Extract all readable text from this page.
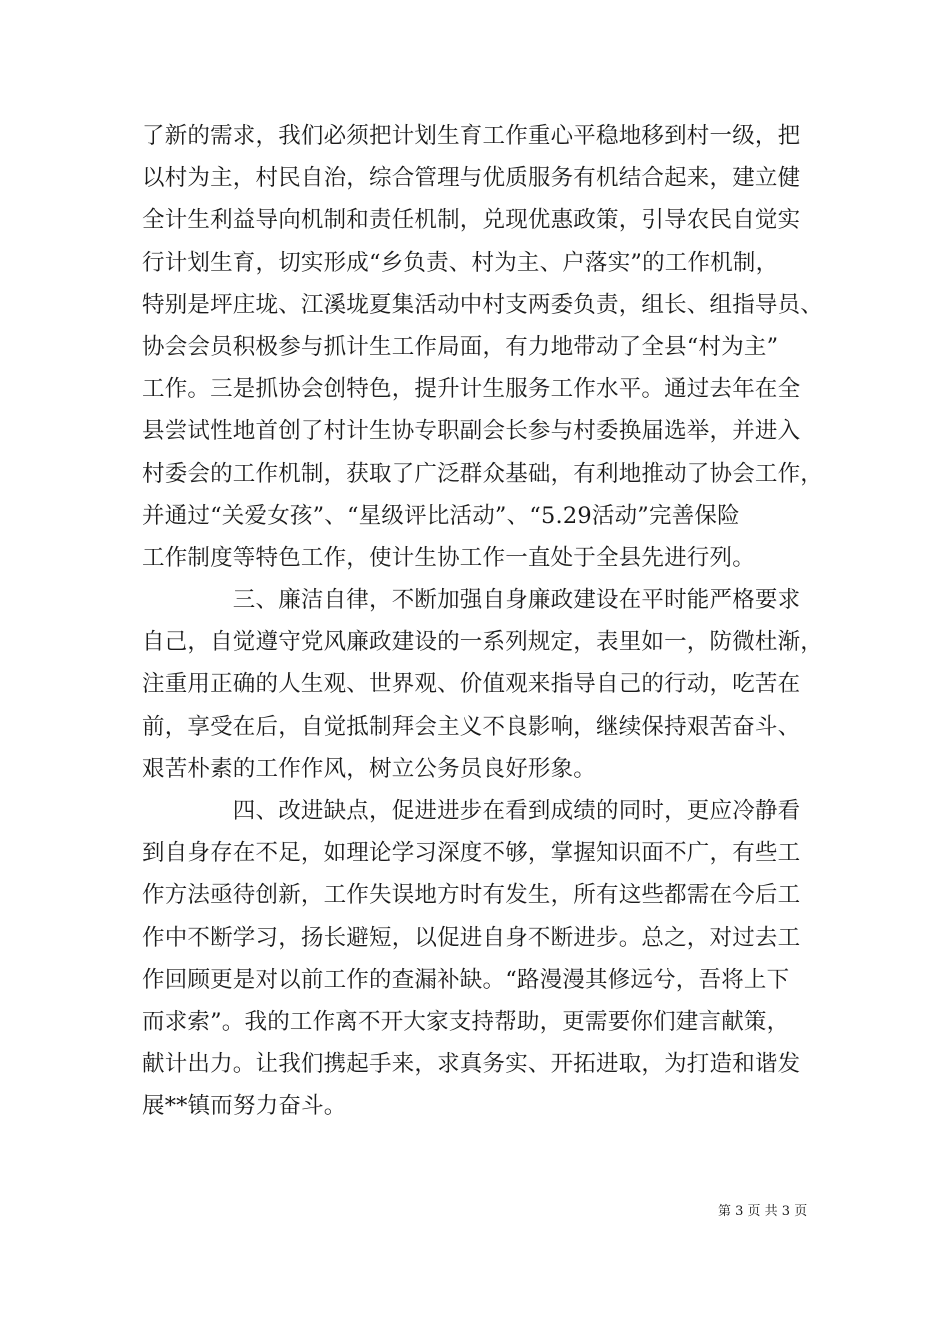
了新的需求，我们必须把计划生育工作重心平稳地移到村一级，把
以村为主，村民自治，综合管理与优质服务有机结合起来，建立健
全计生利益导向机制和责任机制，兑现优惠政策，引导农民自觉实
行计划生育，切实形成“乡负责、村为主、户落实”的工作机制，
特别是坪庄垅、江溪垅夏集活动中村支两委负责，组长、组指导员、
协会会员积极参与抓计生工作局面，有力地带动了全县“村为主”
工作。三是抓协会创特色，提升计生服务工作水平。通过去年在全
县尝试性地首创了村计生协专职副会长参与村委换届选举，并进入
村委会的工作机制，获取了广泛群众基础，有利地推动了协会工作，
并通过“关爱女孩”、“星级评比活动”、“5.29活动”完善保险
工作制度等特色工作，使计生协工作一直处于全县先进行列。
　　　　三、廉洁自律，不断加强自身廉政建设在平时能严格要求
自己，自觉遵守党风廉政建设的一系列规定，表里如一，防微杜渐，
注重用正确的人生观、世界观、价值观来指导自己的行动，吃苦在
前，享受在后，自觉抵制拜会主义不良影响，继续保持艰苦奋斗、
艰苦朴素的工作作风，树立公务员良好形象。
　　　　四、改进缺点，促进进步在看到成绩的同时，更应冷静看
到自身存在不足，如理论学习深度不够，掌握知识面不广，有些工
作方法亟待创新，工作失误地方时有发生，所有这些都需在今后工
作中不断学习，扬长避短，以促进自身不断进步。总之，对过去工
作回顾更是对以前工作的查漏补缺。“路漫漫其修远兮，吾将上下
而求索”。我的工作离不开大家支持帮助，更需要你们建言献策，
献计出力。让我们携起手来，求真务实、开拓进取，为打造和谐发
展**镇而努力奋斗。
第 3 页 共 3 页
